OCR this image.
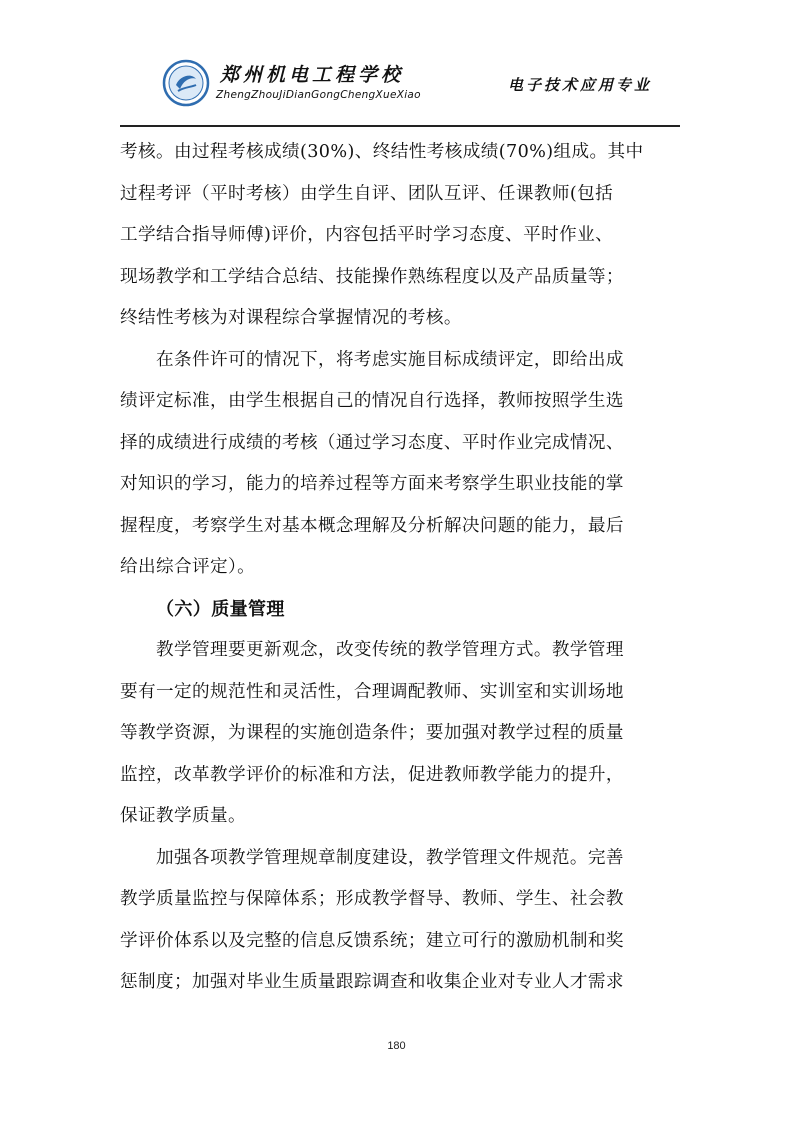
郑州机电工程学校
ZhengZhouJiDianGongChengXueXiao
电子技术应用专业
考核。由过程考核成绩(30%)、终结性考核成绩(70%)组成。其中
过程考评（平时考核）由学生自评、团队互评、任课教师(包括
工学结合指导师傅)评价，内容包括平时学习态度、平时作业、
现场教学和工学结合总结、技能操作熟练程度以及产品质量等；
终结性考核为对课程综合掌握情况的考核。
在条件许可的情况下，将考虑实施目标成绩评定，即给出成
绩评定标准，由学生根据自己的情况自行选择，教师按照学生选
择的成绩进行成绩的考核（通过学习态度、平时作业完成情况、
对知识的学习，能力的培养过程等方面来考察学生职业技能的掌
握程度，考察学生对基本概念理解及分析解决问题的能力，最后
给出综合评定）。
（六）质量管理
教学管理要更新观念，改变传统的教学管理方式。教学管理
要有一定的规范性和灵活性，合理调配教师、实训室和实训场地
等教学资源，为课程的实施创造条件；要加强对教学过程的质量
监控，改革教学评价的标准和方法，促进教师教学能力的提升，
保证教学质量。
加强各项教学管理规章制度建设，教学管理文件规范。完善
教学质量监控与保障体系；形成教学督导、教师、学生、社会教
学评价体系以及完整的信息反馈系统；建立可行的激励机制和奖
惩制度；加强对毕业生质量跟踪调查和收集企业对专业人才需求
180
